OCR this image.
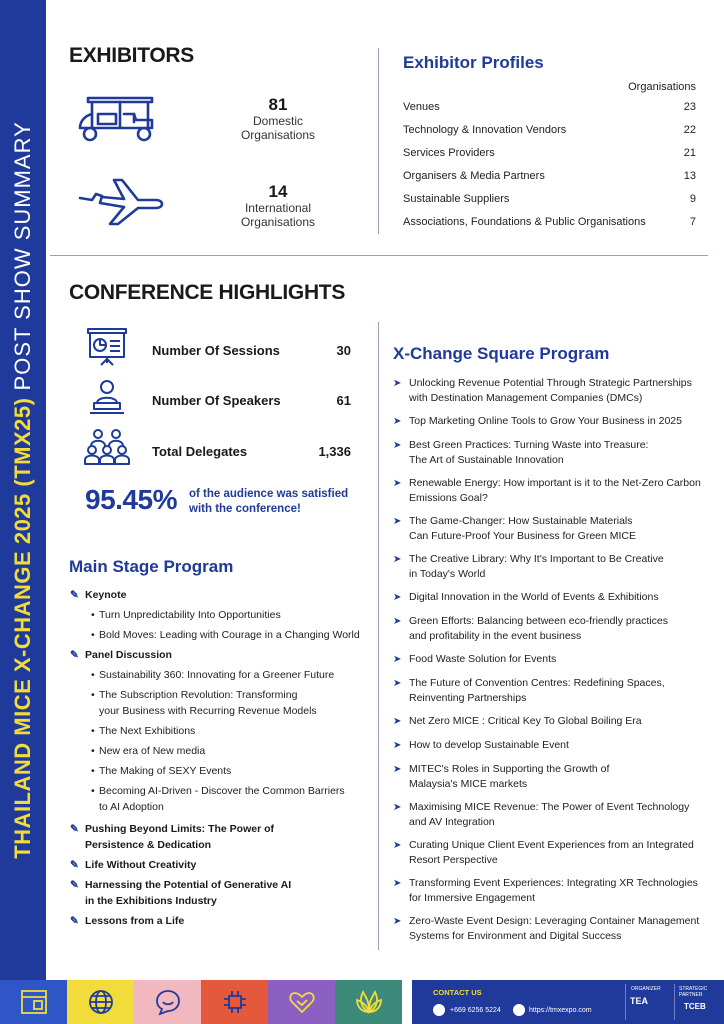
THAILAND MICE X-CHANGE 2025 (TMX25) POST SHOW SUMMARY
EXHIBITORS
81
Domestic
Organisations
14
International
Organisations
Exhibitor Profiles
Organisations
Venues	23
Technology & Innovation Vendors	22
Services Providers	21
Organisers & Media Partners	13
Sustainable Suppliers	9
Associations, Foundations & Public Organisations	7
CONFERENCE HIGHLIGHTS
Number Of Sessions	30
Number Of Speakers	61
Total Delegates	1,336
95.45% of the audience was satisfied
with the conference!
Main Stage Program
✎ Keynote
• Turn Unpredictability Into Opportunities
• Bold Moves: Leading with Courage in a Changing World
✎ Panel Discussion
• Sustainability 360: Innovating for a Greener Future
• The Subscription Revolution: Transforming
your Business with Recurring Revenue Models
• The Next Exhibitions
• New era of New media
• The Making of SEXY Events
• Becoming AI-Driven - Discover the Common Barriers
to AI Adoption
✎ Pushing Beyond Limits: The Power of
Persistence & Dedication
✎ Life Without Creativity
✎ Harnessing the Potential of Generative AI
in the Exhibitions Industry
✎ Lessons from a Life
X-Change Square Program
➤ Unlocking Revenue Potential Through Strategic Partnerships
with Destination Management Companies (DMCs)
➤ Top Marketing Online Tools to Grow Your Business in 2025
➤ Best Green Practices: Turning Waste into Treasure:
The Art of Sustainable Innovation
➤ Renewable Energy: How important is it to the Net-Zero Carbon
Emissions Goal?
➤ The Game-Changer: How Sustainable Materials
Can Future-Proof Your Business for Green MICE
➤ The Creative Library: Why It's Important to Be Creative
in Today's World
➤ Digital Innovation in the World of Events & Exhibitions
➤ Green Efforts: Balancing between eco-friendly practices
and profitability in the event business
➤ Food Waste Solution for Events
➤ The Future of Convention Centres: Redefining Spaces,
Reinventing Partnerships
➤ Net Zero MICE : Critical Key To Global Boiling Era
➤ How to develop Sustainable Event
➤ MITEC's Roles in Supporting the Growth of
Malaysia's MICE markets
➤ Maximising MICE Revenue: The Power of Event Technology
and AV Integration
➤ Curating Unique Client Event Experiences from an Integrated
Resort Perspective
➤ Transforming Event Experiences: Integrating XR Technologies
for Immersive Engagement
➤ Zero-Waste Event Design: Leveraging Container Management
Systems for Environment and Digital Success
CONTACT US
+669 6256 5224	https://tmxexpo.com
ORGANIZER
TEA
STRATEGIC PARTNER
TCEB
